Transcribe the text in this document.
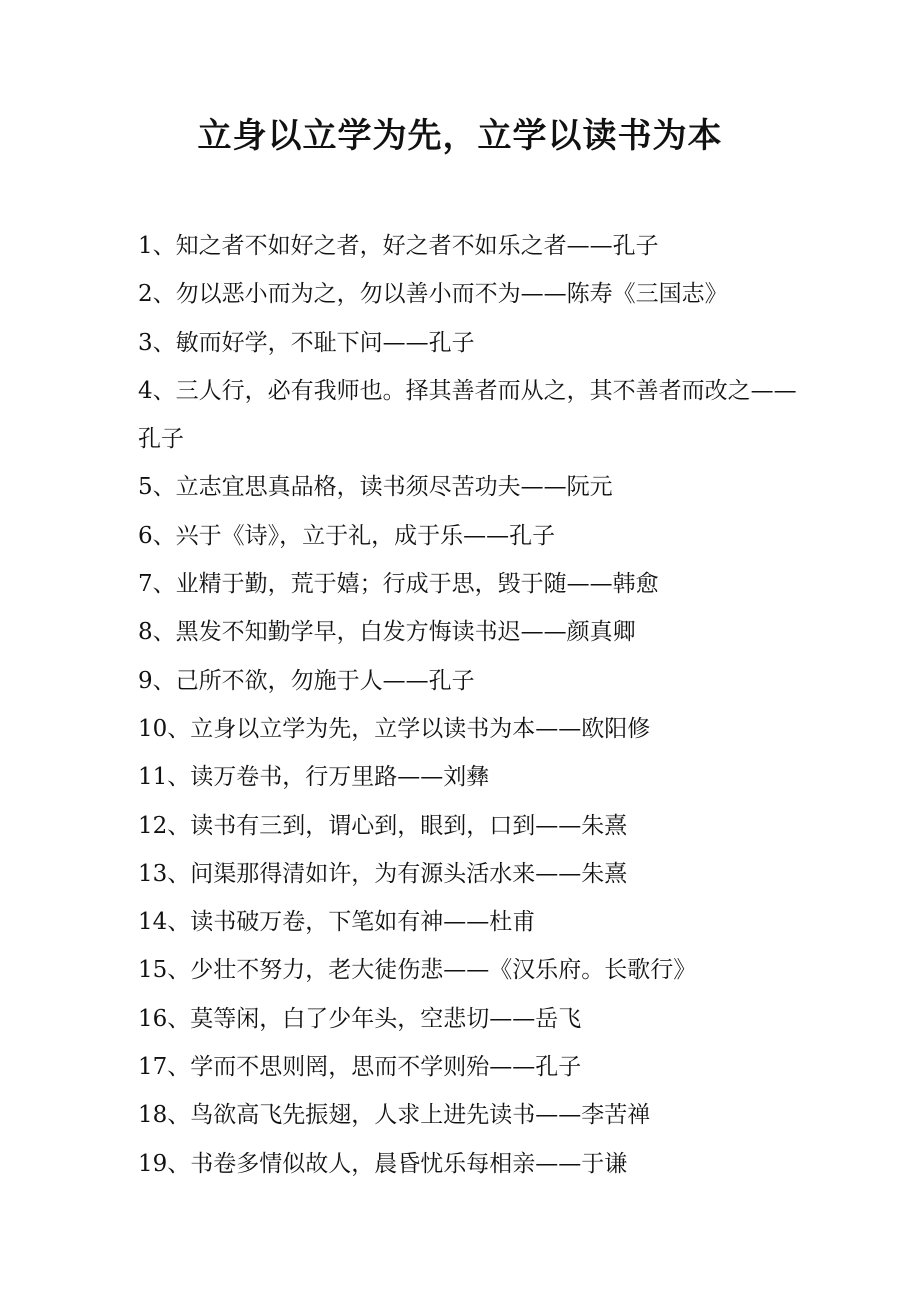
立身以立学为先，立学以读书为本
1、知之者不如好之者，好之者不如乐之者——孔子
2、勿以恶小而为之，勿以善小而不为——陈寿《三国志》
3、敏而好学，不耻下问——孔子
4、三人行，必有我师也。择其善者而从之，其不善者而改之——孔子
5、立志宜思真品格，读书须尽苦功夫——阮元
6、兴于《诗》，立于礼，成于乐——孔子
7、业精于勤，荒于嬉；行成于思，毁于随——韩愈
8、黑发不知勤学早，白发方悔读书迟——颜真卿
9、己所不欲，勿施于人——孔子
10、立身以立学为先，立学以读书为本——欧阳修
11、读万卷书，行万里路——刘彝
12、读书有三到，谓心到，眼到，口到——朱熹
13、问渠那得清如许，为有源头活水来——朱熹
14、读书破万卷，下笔如有神——杜甫
15、少壮不努力，老大徒伤悲——《汉乐府。长歌行》
16、莫等闲，白了少年头，空悲切——岳飞
17、学而不思则罔，思而不学则殆——孔子
18、鸟欲高飞先振翅，人求上进先读书——李苦禅
19、书卷多情似故人，晨昏忧乐每相亲——于谦
